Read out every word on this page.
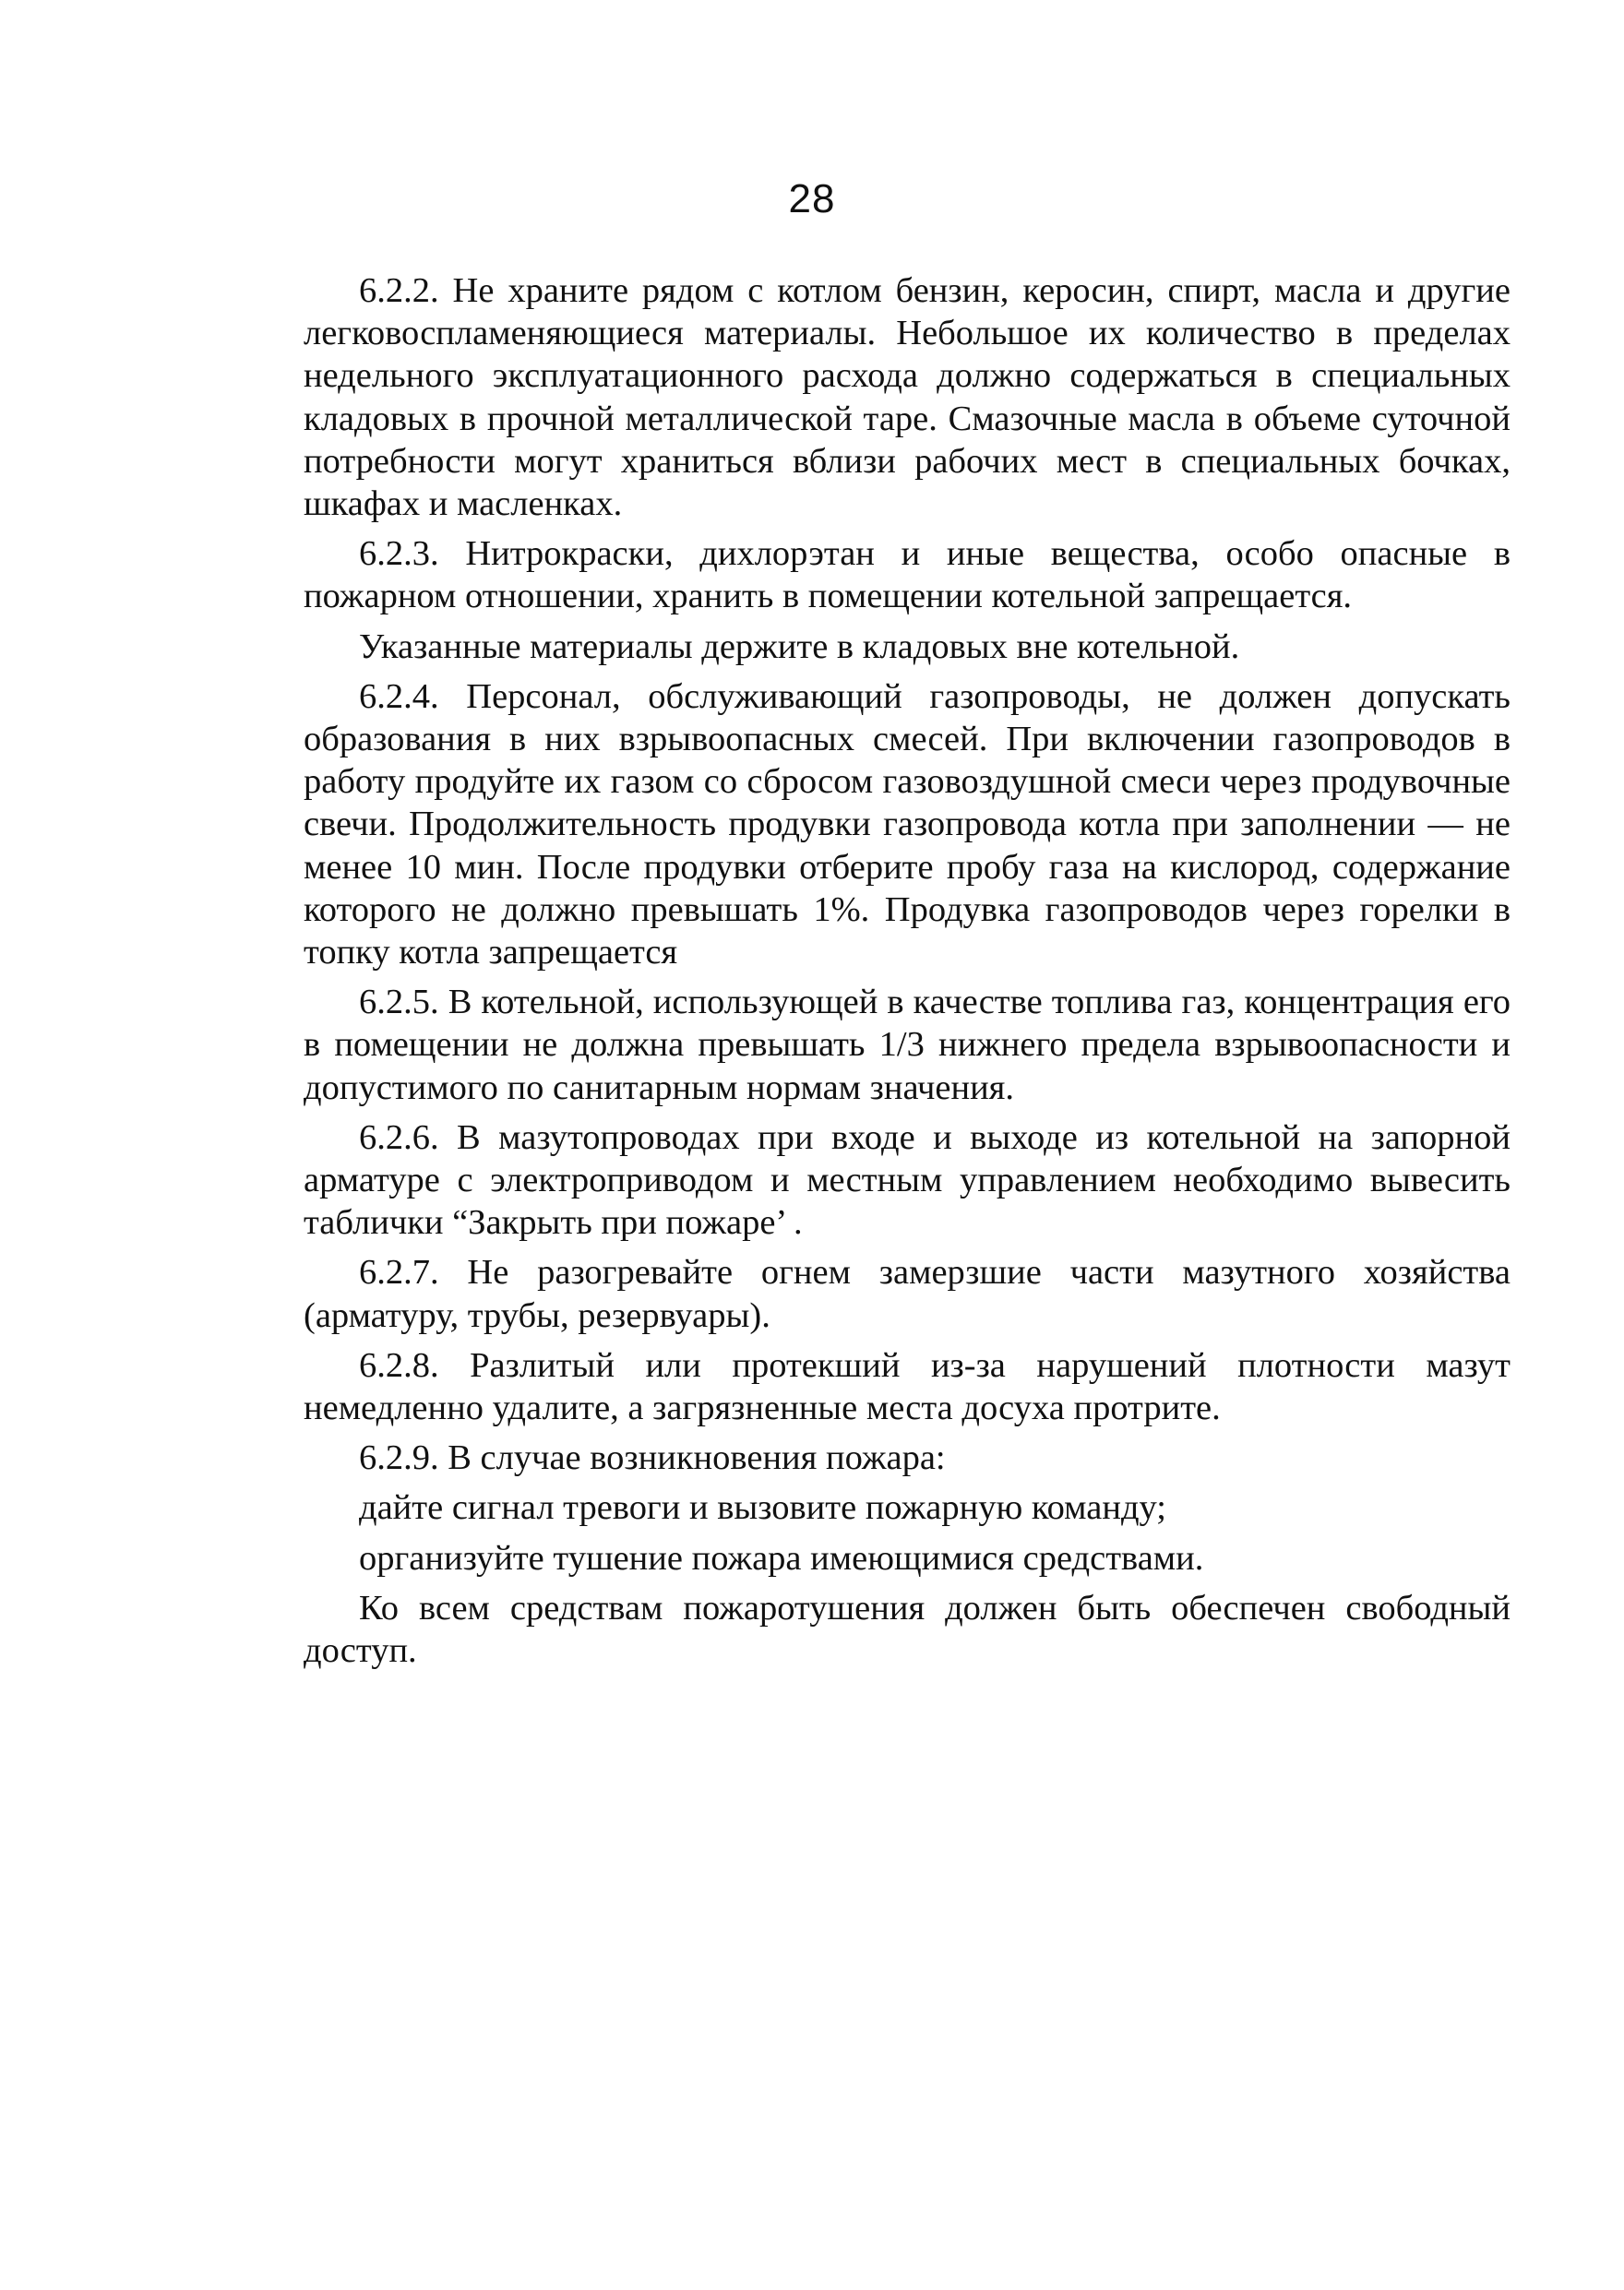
28

6.2.2. Не храните рядом с котлом бензин, керосин, спирт, масла и другие легковоспламеняющиеся материалы. Небольшое их количество в пределах недельного эксплуатационного расхода должно содержаться в специальных кладовых в прочной металлической таре. Смазочные масла в объеме суточной потребности могут храниться вблизи рабочих мест в специальных бочках, шкафах и масленках.

6.2.3. Нитрокраски, дихлорэтан и иные вещества, особо опасные в пожарном отношении, хранить в помещении котельной запрещается.

Указанные материалы держите в кладовых вне котельной.

6.2.4. Персонал, обслуживающий газопроводы, не должен допускать образования в них взрывоопасных смесей. При включении газопроводов в работу продуйте их газом со сбросом газовоздушной смеси через продувочные свечи. Продолжительность продувки газопровода котла при заполнении — не менее 10 мин. После продувки отберите пробу газа на кислород, содержание которого не должно превышать 1%. Продувка газопроводов через горелки в топку котла запрещается

6.2.5. В котельной, использующей в качестве топлива газ, концентрация его в помещении не должна превышать 1/3 нижнего предела взрывоопасности и допустимого по санитарным нормам значения.

6.2.6. В мазутопроводах при входе и выходе из котельной на запорной арматуре с электроприводом и местным управлением необходимо вывесить таблички “Закрыть при пожаре’ .

6.2.7. Не разогревайте огнем замерзшие части мазутного хозяйства (арматуру, трубы, резервуары).

6.2.8. Разлитый или протекший из-за нарушений плотности мазут немедленно удалите, а загрязненные места досуха протрите.

6.2.9. В случае возникновения пожара:

дайте сигнал тревоги и вызовите пожарную команду;

организуйте тушение пожара имеющимися средствами.

Ко всем средствам пожаротушения должен быть обеспечен свободный доступ.
